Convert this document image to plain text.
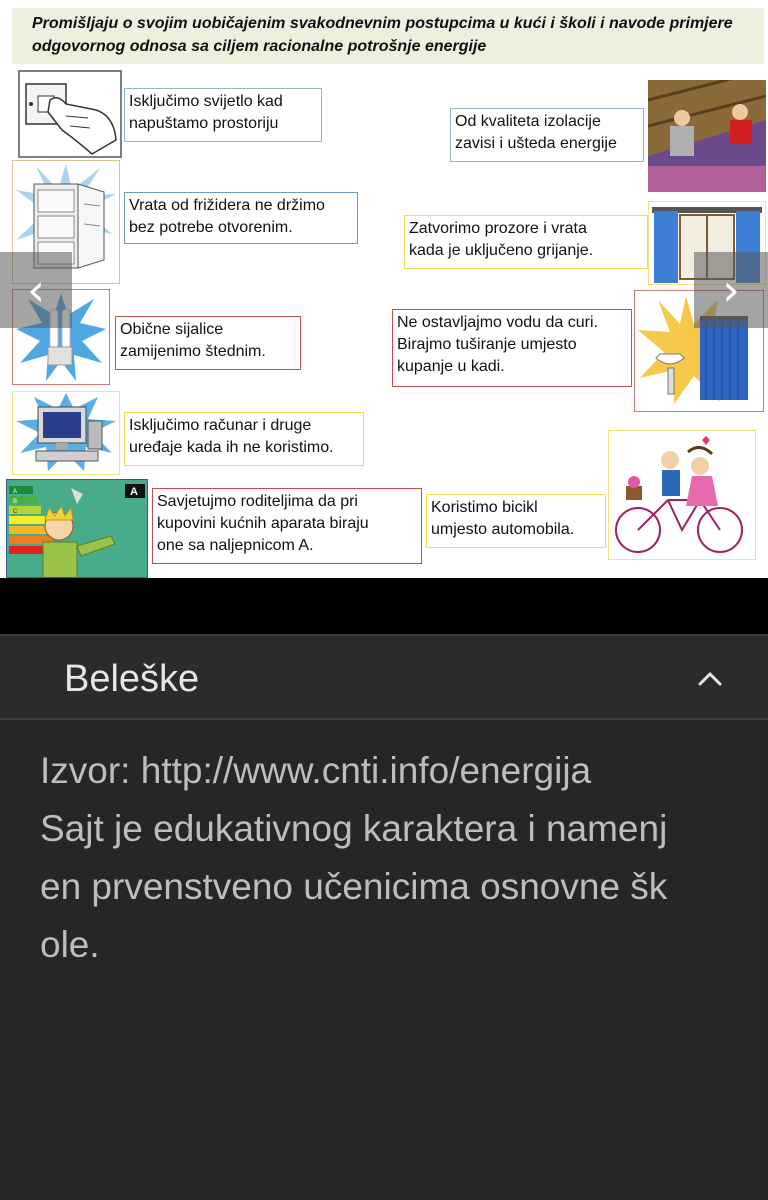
Promišljaju o svojim uobičajenim svakodnevnim postupcima u kući i školi i navode primjere odgovornog odnosa sa ciljem racionalne potrošnje energije
A
B
C
A
Isključimo svijetlo kad
napuštamo prostoriju
Vrata od frižidera ne držimo
bez potrebe otvorenim.
Obične sijalice
zamijenimo štednim.
Isključimo računar i druge
uređaje kada ih ne koristimo.
Savjetujmo roditeljima da pri
kupovini kućnih aparata biraju
one sa naljepnicom A.
Od kvaliteta izolacije
zavisi i ušteda energije
Zatvorimo prozore i vrata
kada je uključeno grijanje.
Ne ostavljajmo vodu da curi.
Birajmo tuširanje umjesto
kupanje u kadi.
Koristimo bicikl
umjesto automobila.
‹	›
Beleške
Izvor: http://www.cnti.info/energija
Sajt je edukativnog karaktera i namenj
en prvenstveno učenicima osnovne šk
ole.
